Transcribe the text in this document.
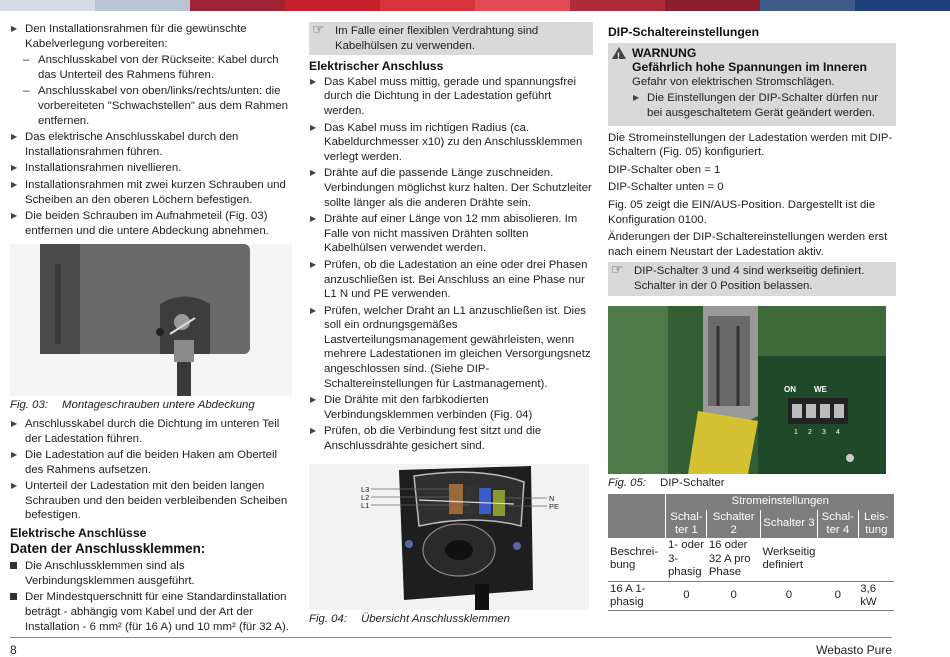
▶ Den Installationsrahmen für die gewünschte Kabelverlegung vorbereiten:
– Anschlusskabel von der Rückseite: Kabel durch das Unterteil des Rahmens führen.
– Anschlusskabel von oben/links/rechts/unten: die vorbereiteten "Schwachstellen" aus dem Rahmen entfernen.
▶ Das elektrische Anschlusskabel durch den Installationsrahmen führen.
▶ Installationsrahmen nivellieren.
▶ Installationsrahmen mit zwei kurzen Schrauben und Scheiben an den oberen Löchern befestigen.
▶ Die beiden Schrauben im Aufnahmeteil (Fig. 03) entfernen und die untere Abdeckung abnehmen.
Fig. 03: Montageschrauben untere Abdeckung
▶ Anschlusskabel durch die Dichtung im unteren Teil der Ladestation führen.
▶ Die Ladestation auf die beiden Haken am Oberteil des Rahmens aufsetzen.
▶ Unterteil der Ladestation mit den beiden langen Schrauben und den beiden verbleibenden Scheiben befestigen.
Elektrische Anschlüsse
Daten der Anschlussklemmen:
Die Anschlussklemmen sind als Verbindungsklemmen ausgeführt.
Der Mindestquerschnitt für eine Standardinstallation beträgt - abhängig vom Kabel und der Art der Installation - 6 mm² (für 16 A) und 10 mm² (für 32 A).
☞ Im Falle einer flexiblen Verdrahtung sind Kabelhülsen zu verwenden.
Elektrischer Anschluss
▶ Das Kabel muss mittig, gerade und spannungsfrei durch die Dichtung in der Ladestation geführt werden.
▶ Das Kabel muss im richtigen Radius (ca. Kabeldurchmesser x10) zu den Anschlussklemmen verlegt werden.
▶ Drähte auf die passende Länge zuschneiden. Verbindungen möglichst kurz halten. Der Schutzleiter sollte länger als die anderen Drähte sein.
▶ Drähte auf einer Länge von 12 mm abisolieren. Im Falle von nicht massiven Drähten sollten Kabelhülsen verwendet werden.
▶ Prüfen, ob die Ladestation an eine oder drei Phasen anzuschließen ist. Bei Anschluss an eine Phase nur L1 N und PE verwenden.
▶ Prüfen, welcher Draht an L1 anzuschließen ist. Dies soll ein ordnungsgemäßes Lastverteilungsmanagement gewährleisten, wenn mehrere Ladestationen im gleichen Versorgungsnetz angeschlossen sind. (Siehe DIP-Schaltereinstellungen für Lastmanagement).
▶ Die Drähte mit den farbkodierten Verbindungsklemmen verbinden (Fig. 04)
▶ Prüfen, ob die Verbindung fest sitzt und die Anschlussdrähte gesichert sind.
L3
L2
L1
N
PE
Fig. 04: Übersicht Anschlussklemmen
DIP-Schaltereinstellungen
! WARNUNG
Gefährlich hohe Spannungen im Inneren
Gefahr von elektrischen Stromschlägen.
▶ Die Einstellungen der DIP-Schalter dürfen nur bei ausgeschaltetem Gerät geändert werden.

Die Stromeinstellungen der Ladestation werden mit DIP-Schaltern (Fig. 05) konfiguriert.

DIP-Schalter oben = 1

DIP-Schalter unten = 0

Fig. 05 zeigt die EIN/AUS-Position. Dargestellt ist die Konfiguration 0100.

Änderungen der DIP-Schaltereinstellungen werden erst nach einem Neustart der Ladestation aktiv.

☞ DIP-Schalter 3 und 4 sind werkseitig definiert. Schalter in der 0 Position belassen.
ON WE
1 2 3 4
Fig. 05: DIP-Schalter
	Stromeinstellungen				
	Schalter 1	Schalter 2	Schalter 3	Schalter 4	Leistung
Beschreibung	1- oder 3-phasig	16 oder 32 A pro Phase	Werkseitig definiert		
16 A 1-phasig	0	0	0	0	3,6 kW
8	Webasto Pure
